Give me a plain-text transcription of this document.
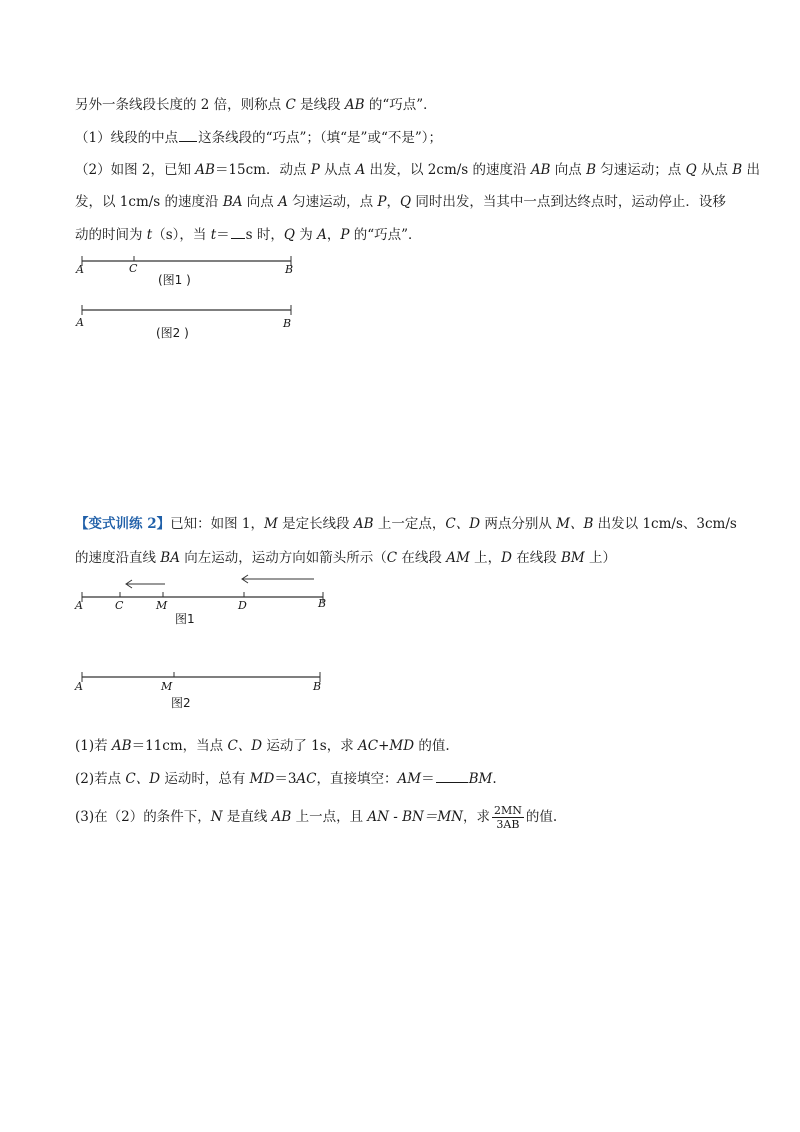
另外一条线段长度的 2 倍，则称点 C 是线段 AB 的“巧点”．
（1）线段的中点 这条线段的“巧点”；（填“是”或“不是”）；
（2）如图 2，已知 AB＝15cm．动点 P 从点 A 出发，以 2cm/s 的速度沿 AB 向点 B 匀速运动；点 Q 从点 B 出
发，以 1cm/s 的速度沿 BA 向点 A 匀速运动，点 P，Q 同时出发，当其中一点到达终点时，运动停止．设移
动的时间为 t（s），当 t＝ s 时，Q 为 A，P 的“巧点”．
A	C	B
(图1 )
A	B
(图2 )
A	C	M	D	B
图1
A	M	B
图2
【变式训练 2】已知：如图 1，M 是定长线段 AB 上一定点，C、D 两点分别从 M、B 出发以 1cm/s、3cm/s
的速度沿直线 BA 向左运动，运动方向如箭头所示（C 在线段 AM 上，D 在线段 BM 上）
(1)若 AB＝11cm，当点 C、D 运动了 1s，求 AC+MD 的值.
(2)若点 C、D 运动时，总有 MD＝3AC，直接填空：AM＝	BM.
(3)在（2）的条件下，N 是直线 AB 上一点，且 AN - BN＝MN，求 $\frac{2MN}{3AB}$ 的值.
